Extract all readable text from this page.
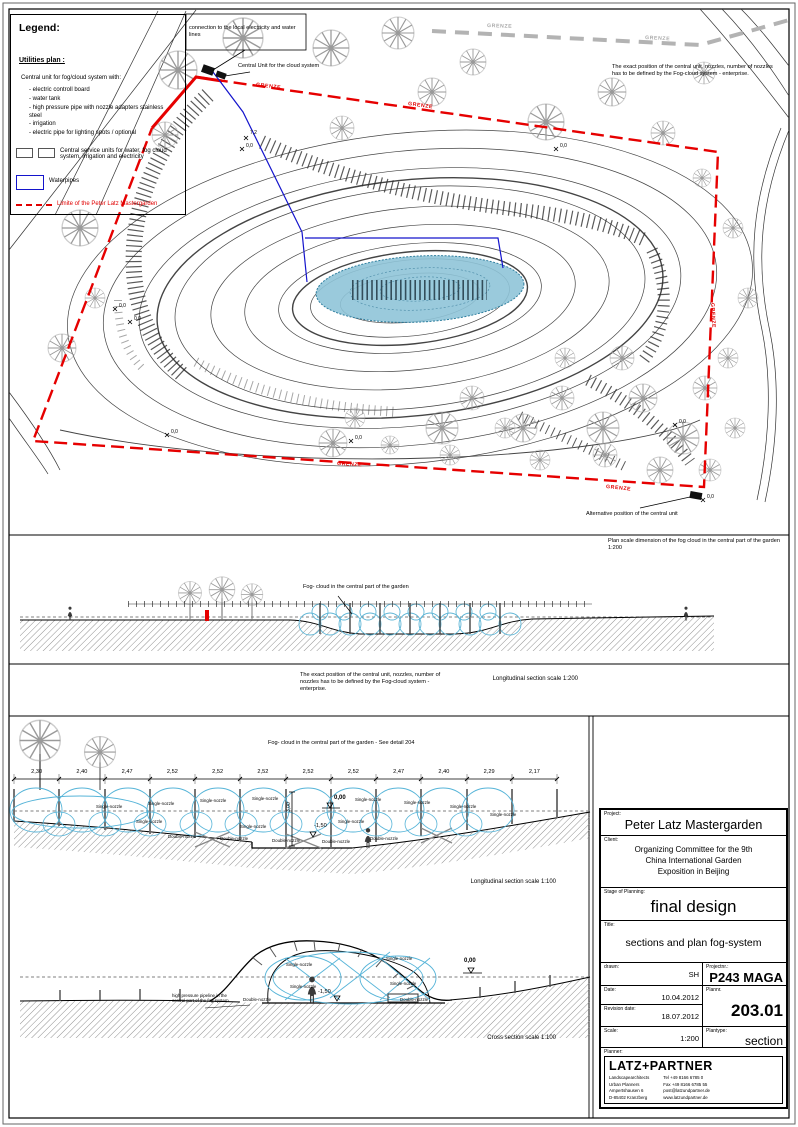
Legend:
Utilities plan :
Central unit for fog/cloud system with:
- electric controll board
- water tank
- high pressure pipe with nozzle adapters stainless steel
- irrigation
- electric pipe for lighting spots / optional
Central service units for water, fog cloud system, irrigation and electricity
Waterpipes
Limite of the Peter Latz Mastergarden
connection to the local electricity and water lines
Central Unit for the cloud system	The exact position of the central unit, nozzles, number of nozzles has to be defined by the Fog-cloud system - enterprise.
Alternative position of the central unit
GRENZE
GRENZE
GRENZE
GRENZE
GRENZE
GRENZE
GRENZE
0,0	0,0
0,0
0,0
0,0
0,0
0,0
0,0
7,2
Fog- cloud in the central part of the garden
Plan scale dimension of the fog cloud in the central part of the garden 1:200
The exact position of the central unit, nozzles, number of nozzles has to be defined by the Fog-cloud system - enterprise.
Longitudinal section scale 1:200
Fog- cloud in the central part of the garden - See detail 204
2,30	2,40	2,47	2,52	2,52	2,52	2,52	2,52	2,47	2,40	2,29	2,17
0,00
-1,50
3,00
Single-nozzle
Single-nozzle
Single-nozzle	Single-nozzle	Single-nozzle
Single-nozzle
Single-nozzle
Single-nozzle
Single-nozzle
Single-nozzle
Single-nozzle
Double-nozzle	Double-nozzle	Double-nozzle	Double-nozzle
Double-nozzle
Longitudinal section scale 1:100
high pressure pipeline in the central part of the fog system
Single-nozzle
Single-nozzle
Single-nozzle
Single-nozzle
Double-nozzle	Double-nozzle
-1,50
0,00
Cross section scale 1:100
Project:
Peter Latz Mastergarden
Client:
Organizing Committee for the 9th
China International Garden
Exposition in Beijing
Stage of Planning:
final design
Title:
sections and plan fog-system
drawn:
SH
Projectnr.:
P243 MAGA
Date:
10.04.2012
Revision date:
18.07.2012
Plannr.
203.01
Scale:
1:200
Plantype:
section
Planner:
LATZ+PARTNER
Landscapearchitects
Urban Planners
Ampertshausen 6
D-85402 Kranzberg
Tel +49 8166 6785 0
Fax +49 8166 6785 55
post@latzundpartner.de
www.latzundpartner.de
